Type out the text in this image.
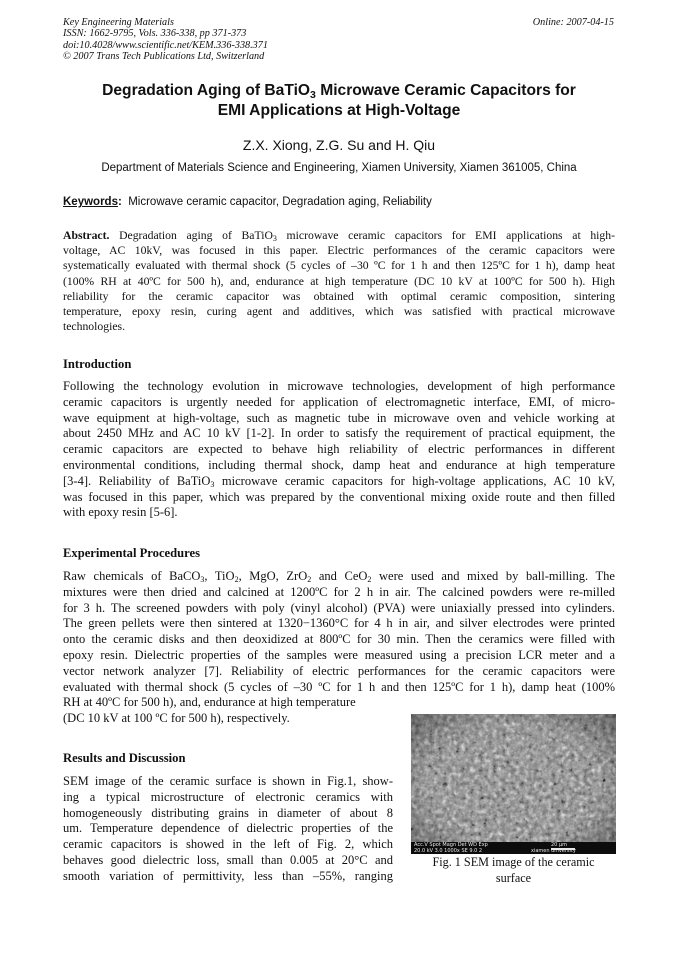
Key Engineering Materials
ISSN: 1662-9795, Vols. 336-338, pp 371-373
doi:10.4028/www.scientific.net/KEM.336-338.371
© 2007 Trans Tech Publications Ltd, Switzerland
Online: 2007-04-15
Degradation Aging of BaTiO$_3$ Microwave Ceramic Capacitors for
EMI Applications at High-Voltage
Z.X. Xiong, Z.G. Su and H. Qiu
Department of Materials Science and Engineering, Xiamen University, Xiamen 361005, China
Keywords: Microwave ceramic capacitor, Degradation aging, Reliability
Abstract. Degradation aging of BaTiO$_3$ microwave ceramic capacitors for EMI applications at high-
voltage, AC 10kV, was focused in this paper. Electric performances of the ceramic capacitors were
systematically evaluated with thermal shock (5 cycles of –30 ºC for 1 h and then 125ºC for 1 h), damp heat
(100% RH at 40ºC for 500 h), and, endurance at high temperature (DC 10 kV at 100ºC for 500 h). High
reliability for the ceramic capacitor was obtained with optimal ceramic composition, sintering
temperature, epoxy resin, curing agent and additives, which was satisfied with practical microwave
technologies.
Introduction
Following the technology evolution in microwave technologies, development of high performance
ceramic capacitors is urgently needed for application of electromagnetic interface, EMI, of micro-
wave equipment at high-voltage, such as magnetic tube in microwave oven and vehicle working at
about 2450 MHz and AC 10 kV [1-2]. In order to satisfy the requirement of practical equipment, the
ceramic capacitors are expected to behave high reliability of electric performances in different
environmental conditions, including thermal shock, damp heat and endurance at high temperature
[3-4]. Reliability of BaTiO$_3$ microwave ceramic capacitors for high-voltage applications, AC 10 kV,
was focused in this paper, which was prepared by the conventional mixing oxide route and then filled
with epoxy resin [5-6].
Experimental Procedures
Raw chemicals of BaCO$_3$, TiO$_2$, MgO, ZrO$_2$ and CeO$_2$ were used and mixed by ball-milling. The
mixtures were then dried and calcined at 1200ºC for 2 h in air. The calcined powders were re-milled
for 3 h. The screened powders with poly (vinyl alcohol) (PVA) were uniaxially pressed into cylinders.
The green pellets were then sintered at 1320−1360°C for 4 h in air, and silver electrodes were printed
onto the ceramic disks and then deoxidized at 800ºC for 30 min. Then the ceramics were filled with
epoxy resin. Dielectric properties of the samples were measured using a precision LCR meter and a
vector network analyzer [7]. Reliability of electric performances for the ceramic capacitors were
evaluated with thermal shock (5 cycles of –30 ºC for 1 h and then 125ºC for 1 h), damp heat (100%
RH at 40ºC for 500 h), and, endurance at high temperature
(DC 10 kV at 100 ºC for 500 h), respectively.
Results and Discussion
SEM image of the ceramic surface is shown in Fig.1, show-
ing a typical microstructure of electronic ceramics with
homogeneously distributing grains in diameter of about 8
um. Temperature dependence of dielectric properties of the
ceramic capacitors is showed in the left of Fig. 2, which
behaves good dielectric loss, small than 0.005 at 20°C and
smooth variation of permittivity, less than –55%, ranging
Acc.V Spot Magn Det WD Exp
20.0 kV 3.0 1000x SE 9.0 2
20 μm
xiamen university
Fig. 1 SEM image of the ceramic
surface
